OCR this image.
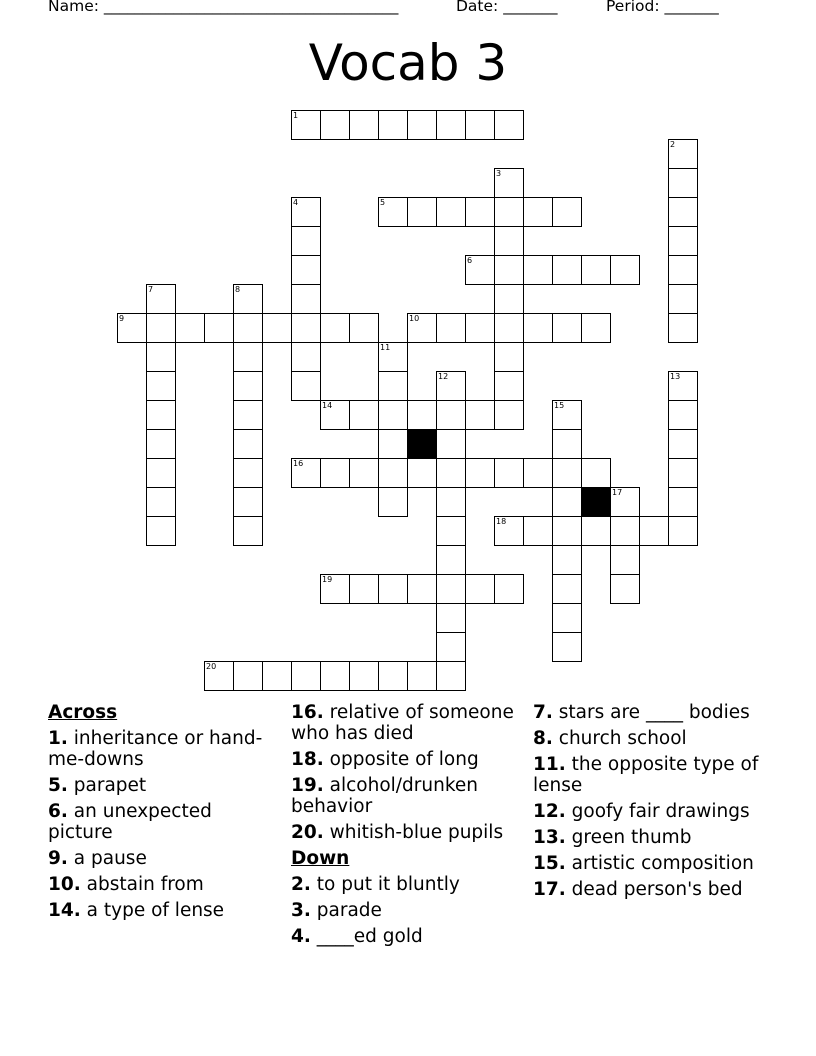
Name: ______________________________________	Date: _______	Period: _______
Vocab 3
1
2
3
4	5
6
7	8
9	10
11
12	13
14	15
16
17
18
19
20
Across
1. inheritance or hand-me-downs
5. parapet
6. an unexpected picture
9. a pause
10. abstain from
14. a type of lense
16. relative of someone who has died
18. opposite of long
19. alcohol/drunken behavior
20. whitish-blue pupils
Down
2. to put it bluntly
3. parade
4. ____ed gold
7. stars are ____ bodies
8. church school
11. the opposite type of lense
12. goofy fair drawings
13. green thumb
15. artistic composition
17. dead person's bed
